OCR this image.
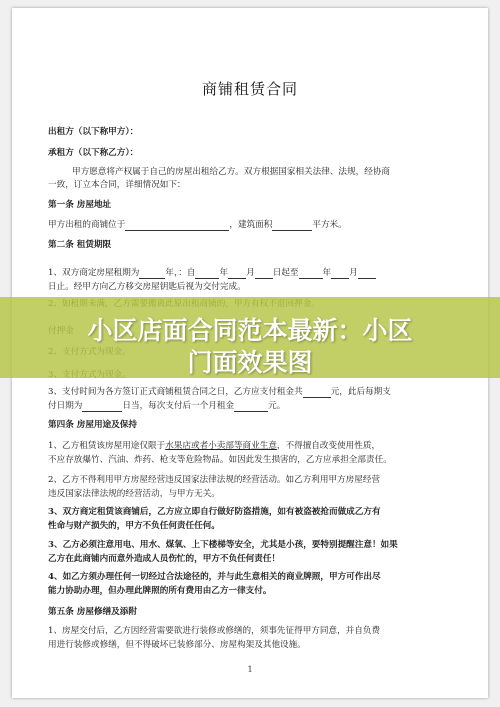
商铺租赁合同
出租方（以下称甲方）：
承租方（以下称乙方）：
甲方愿意将产权属于自己的房屋出租给乙方。双方根据国家相关法律、法规，经协商
一致，订立本合同，详细情况如下：
第一条 房屋地址
甲方出租的商铺位于	，建筑面积	平方米。
第二条 租赁期限
1、双方商定房屋租期为	年，：自	年 月 日起至	年 月
日止。经甲方向乙方移交房屋钥匙后视为交付完成。
3、支付时间为各方签订正式商铺租赁合同之日，乙方应支付租金共	元，此后每期支
付日期为	日当，每次支付后一个月租金	元。
第四条 房屋用途及保持
1、乙方租赁该房屋用途仅限于水果店或者小卖部等商业生意，不得擅自改变使用性质，
不应存放爆竹、汽油、炸药、枪支等危险物品。如因此发生损害的，乙方应承担全部责任。
2、乙方不得利用甲方房屋经营违反国家法律法规的经营活动。如乙方利用甲方房屋经营
违反国家法律法规的经营活动，与甲方无关。
3、双方商定租赁该商铺后，乙方应立即自行做好防盗措施，如有被盗被抢而做成乙方有
性命与财产损失的，甲方不负任何责任任何。
3、乙方必须注意用电、用水、煤氧、上下楼梯等安全，尤其是小孩，要特别提醒注意！如果
乙方在此商铺内而意外造成人员伤忙的，甲方不负任何责任！
4、如乙方须办理任何一切经过合法途径的，并与此生意相关的商业牌照，甲方可作出尽
能力协助办理，但办理此牌照的所有费用由乙方一律支付。
第五条 房屋修缮及添附
1、房屋交付后，乙方因经营需要欲进行装修或修缮的，须事先征得甲方同意，并自负费
用进行装修或修缮，但不得破坏已装修部分、房屋构架及其他设施。
1
小区店面合同范本最新：小区
门面效果图
